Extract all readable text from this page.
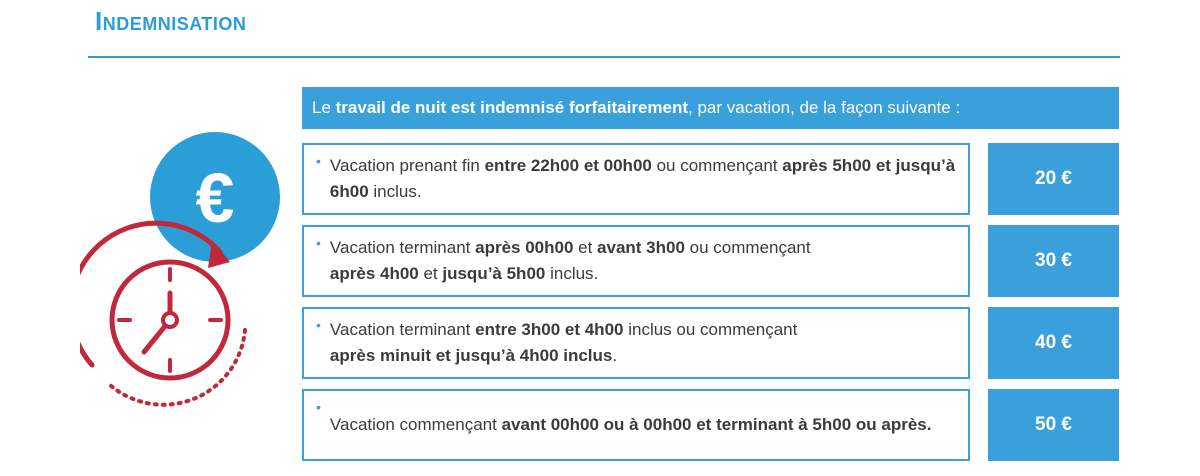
Indemnisation
Le travail de nuit est indemnisé forfaitairement, par vacation, de la façon suivante :
• Vacation prenant fin entre 22h00 et 00h00 ou commençant après 5h00 et jusqu’à 6h00 inclus.
20 €
• Vacation terminant après 00h00 et avant 3h00 ou commençant
après 4h00 et jusqu’à 5h00 inclus.
30 €
• Vacation terminant entre 3h00 et 4h00 inclus ou commençant
après minuit et jusqu’à 4h00 inclus.
40 €
•
Vacation commençant avant 00h00 ou à 00h00 et terminant à 5h00 ou après.	50 €
€
